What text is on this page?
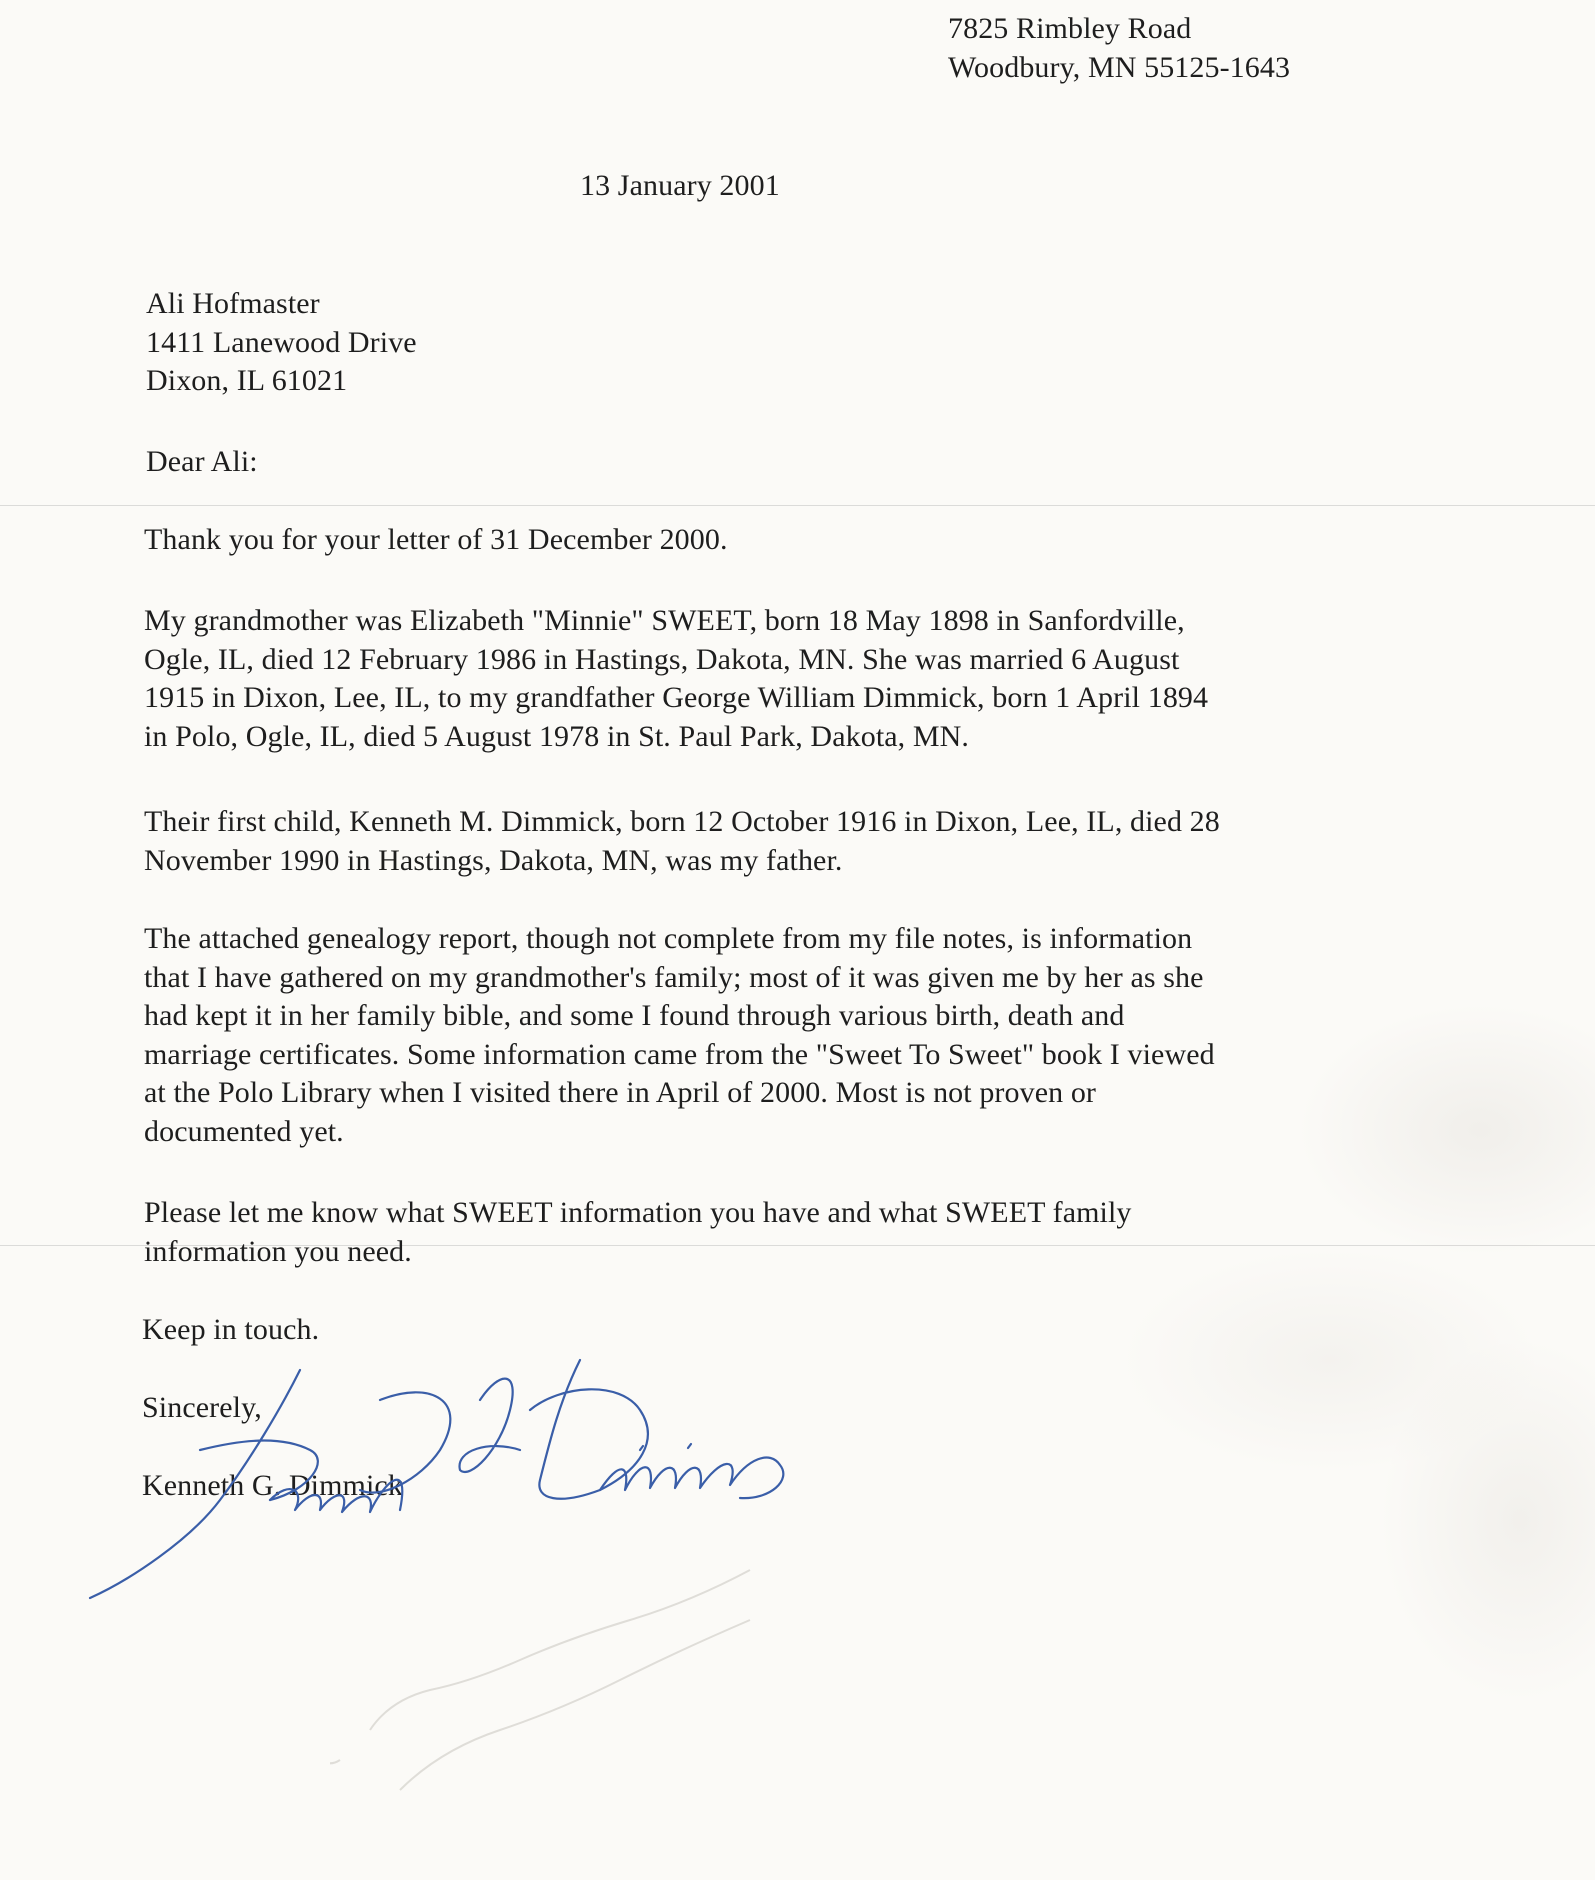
7825 Rimbley Road

Woodbury, MN 55125-1643

13 January 2001

Ali Hofmaster

1411 Lanewood Drive

Dixon, IL 61021

Dear Ali:

Thank you for your letter of 31 December 2000.

My grandmother was Elizabeth "Minnie" SWEET, born 18 May 1898 in Sanfordville,

Ogle, IL, died 12 February 1986 in Hastings, Dakota, MN. She was married 6 August

1915 in Dixon, Lee, IL, to my grandfather George William Dimmick, born 1 April 1894

in Polo, Ogle, IL, died 5 August 1978 in St. Paul Park, Dakota, MN.

Their first child, Kenneth M. Dimmick, born 12 October 1916 in Dixon, Lee, IL, died 28

November 1990 in Hastings, Dakota, MN, was my father.

The attached genealogy report, though not complete from my file notes, is information

that I have gathered on my grandmother's family; most of it was given me by her as she

had kept it in her family bible, and some I found through various birth, death and

marriage certificates. Some information came from the "Sweet To Sweet" book I viewed

at the Polo Library when I visited there in April of 2000. Most is not proven or

documented yet.

Please let me know what SWEET information you have and what SWEET family

information you need.

Keep in touch.

Sincerely,

Kenneth G. Dimmick
